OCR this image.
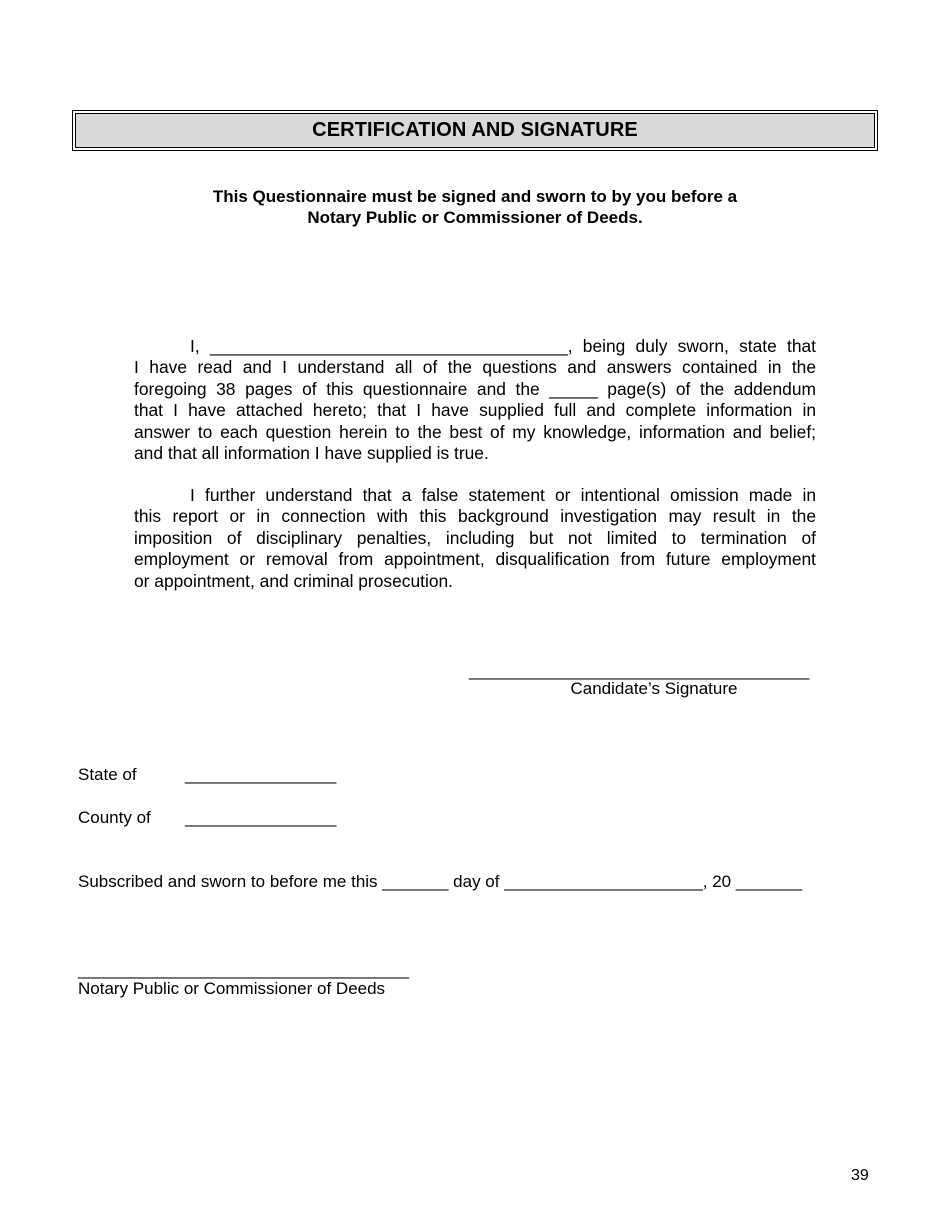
CERTIFICATION AND SIGNATURE
This Questionnaire must be signed and sworn to by you before a
Notary Public or Commissioner of Deeds.
I, _____________________________________, being duly sworn, state that
I have read and I understand all of the questions and answers contained in the
foregoing 38 pages of this questionnaire and the _____ page(s) of the addendum
that I have attached hereto; that I have supplied full and complete information in
answer to each question herein to the best of my knowledge, information and belief;
and that all information I have supplied is true.
I further understand that a false statement or intentional omission made in
this report or in connection with this background investigation may result in the
imposition of disciplinary penalties, including but not limited to termination of
employment or removal from appointment, disqualification from future employment
or appointment, and criminal prosecution.
____________________________________
Candidate’s Signature
State of	________________
County of ________________
Subscribed and sworn to before me this _______ day of _____________________, 20 _______
___________________________________
Notary Public or Commissioner of Deeds
39
